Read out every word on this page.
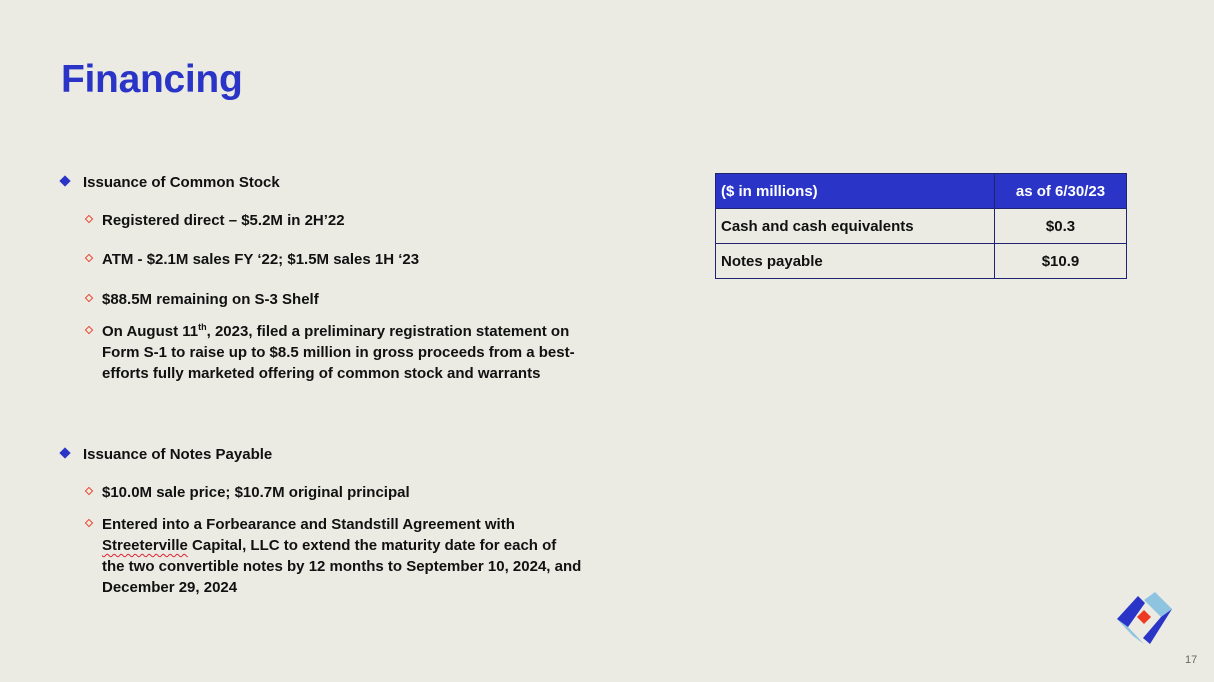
Financing
Issuance of Common Stock
Registered direct – $5.2M in 2H’22
ATM - $2.1M sales FY ‘22; $1.5M sales 1H ‘23
$88.5M remaining on S-3 Shelf
On August 11th, 2023, filed a preliminary registration statement on Form S-1 to raise up to $8.5 million in gross proceeds from a best-efforts fully marketed offering of common stock and warrants
Issuance of Notes Payable
$10.0M sale price; $10.7M original principal
Entered into a Forbearance and Standstill Agreement with Streeterville Capital, LLC to extend the maturity date for each of the two convertible notes by 12 months to September 10, 2024, and December 29, 2024
($ in millions)	as of 6/30/23
Cash and cash equivalents	$0.3
Notes payable	$10.9
17
